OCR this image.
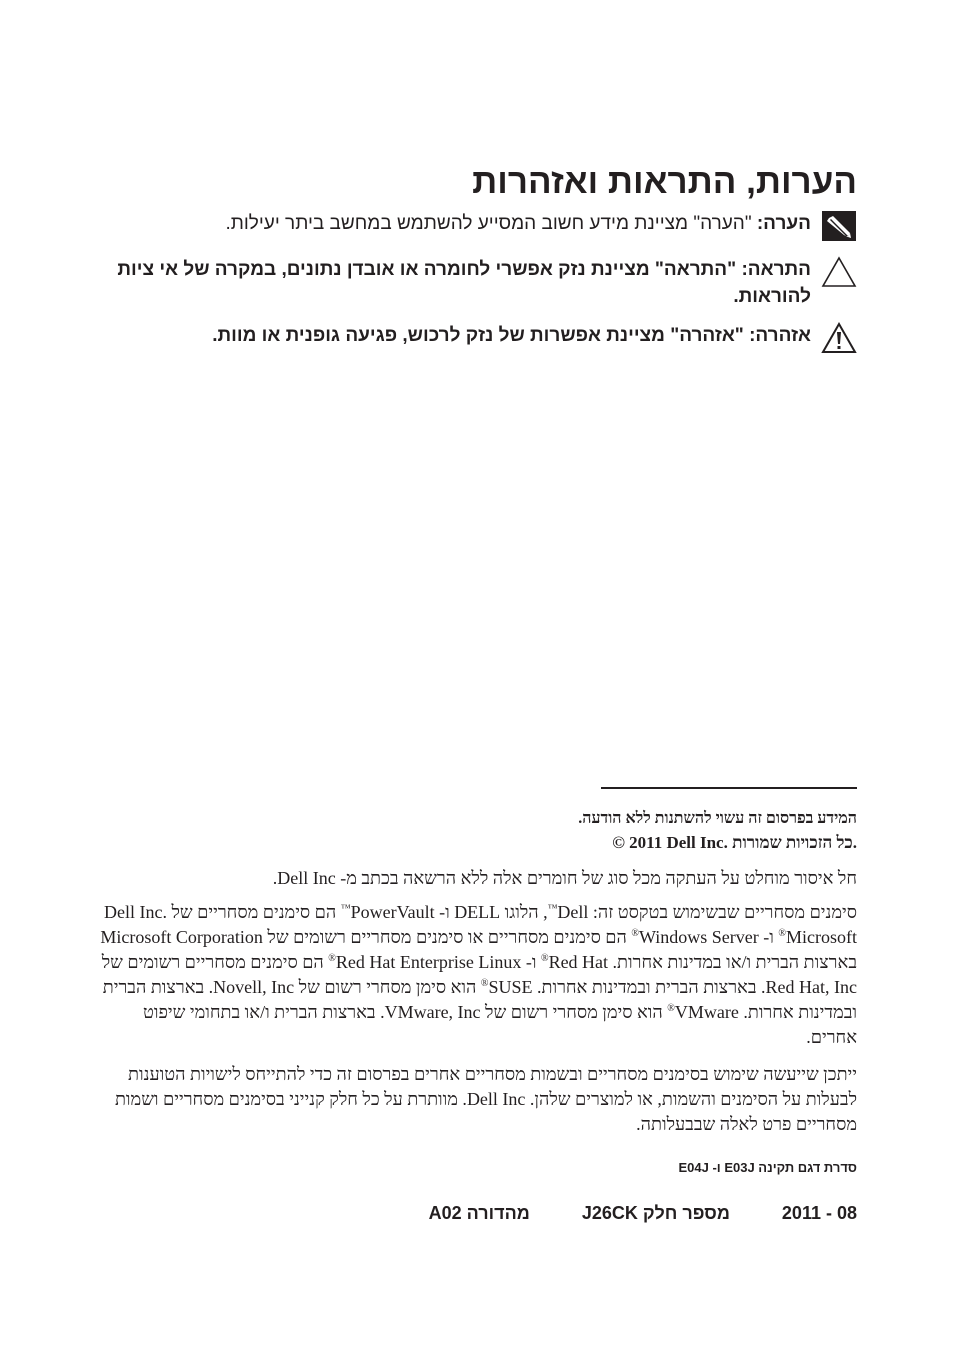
הערות, התראות ואזהרות
הערה: "הערה" מציינת מידע חשוב המסייע להשתמש במחשב ביתר יעילות.
התראה: "התראה" מציינת נזק אפשרי לחומרה או אובדן נתונים, במקרה של אי ציות להוראות.
אזהרה: "אזהרה" מציינת אפשרות של נזק לרכוש, פגיעה גופנית או מוות.
המידע בפרסום זה עשוי להשתנות ללא הודעה.
© 2011 Dell Inc. כל הזכויות שמורות.
חל איסור מוחלט על העתקה מכל סוג של חומרים אלה ללא הרשאה בכתב מ- Dell Inc.
סימנים מסחריים שבשימוש בטקסט זה: Dell™, הלוגו DELL ו- PowerVault™ הם סימנים מסחריים של Dell Inc. Microsoft® ו- Windows Server® הם סימנים מסחריים או סימנים מסחריים רשומים של Microsoft Corporation בארצות הברית ו/או במדינות אחרות. Red Hat® ו- Red Hat Enterprise Linux® הם סימנים מסחריים רשומים של Red Hat, Inc. בארצות הברית ובמדינות אחרות. SUSE® הוא סימן מסחרי רשום של Novell, Inc. בארצות הברית ובמדינות אחרות. VMware® הוא סימן מסחרי רשום של VMware, Inc. בארצות הברית ו/או בתחומי שיפוט אחרים.
ייתכן שייעשה שימוש בסימנים מסחריים ובשמות מסחריים אחרים בפרסום זה כדי להתייחס לישויות הטוענות לבעלות על הסימנים והשמות, או למוצרים שלהן. Dell Inc. מוותרת על כל חלק קנייני בסימנים מסחריים ושמות מסחריים פרט לאלה שבבעלותה.
סדרת דגם תקינה E03J ו- E04J
2011 - 08
מספר חלק J26CK
מהדורה A02
